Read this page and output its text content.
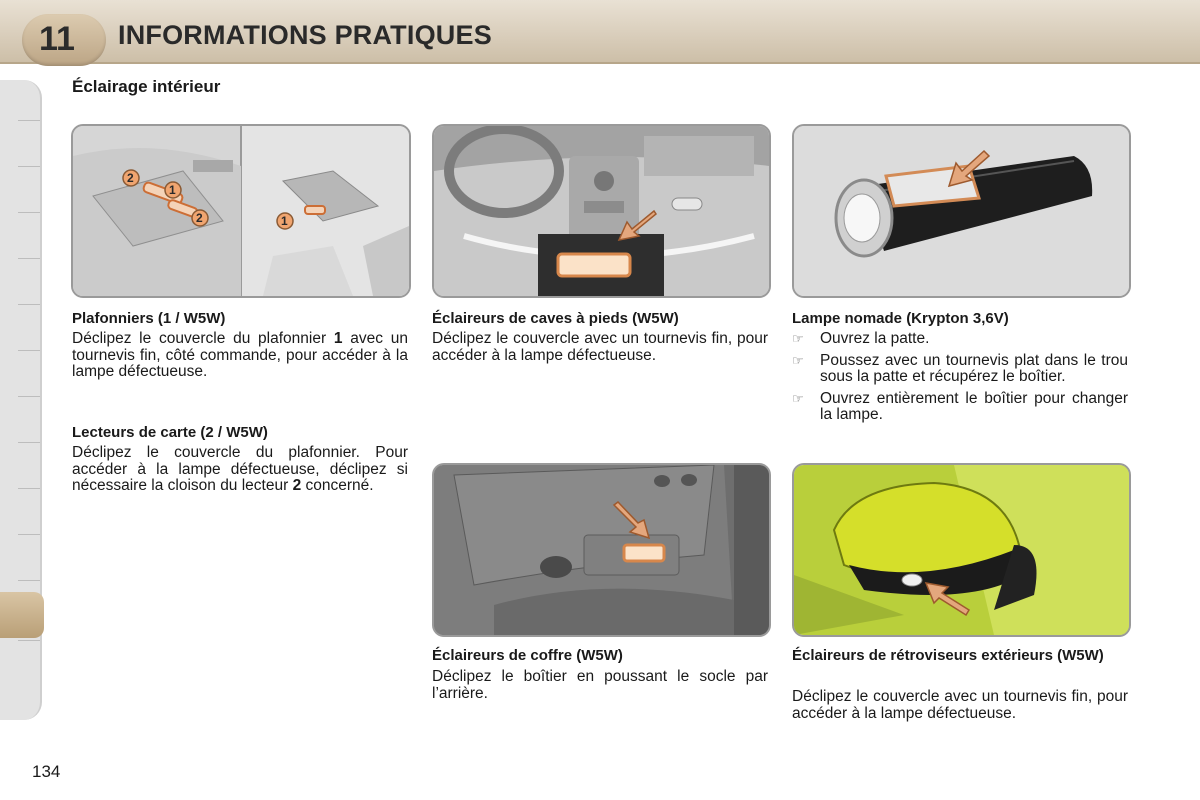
11	INFORMATIONS PRATIQUES
Éclairage intérieur
2
1
2	1
Plafonniers (1 / W5W)
Déclipez le couvercle du plafonnier 1 avec un tournevis fin, côté commande, pour accéder à la lampe défectueuse.
Lecteurs de carte (2 / W5W)
Déclipez le couvercle du plafonnier. Pour accéder à la lampe défectueuse, déclipez si nécessaire la cloison du lecteur 2 concerné.
Éclaireurs de caves à pieds (W5W)
Déclipez le couvercle avec un tournevis fin, pour accéder à la lampe défectueuse.
Lampe nomade (Krypton 3,6V)
☞	Ouvrez la patte.
☞	Poussez avec un tournevis plat dans le trou sous la patte et récupérez le boîtier.
☞	Ouvrez entièrement le boîtier pour changer la lampe.
Éclaireurs de coffre (W5W)
Déclipez le boîtier en poussant le socle par l’arrière.
Éclaireurs de rétroviseurs extérieurs (W5W)
Déclipez le couvercle avec un tournevis fin, pour accéder à la lampe défectueuse.
134
